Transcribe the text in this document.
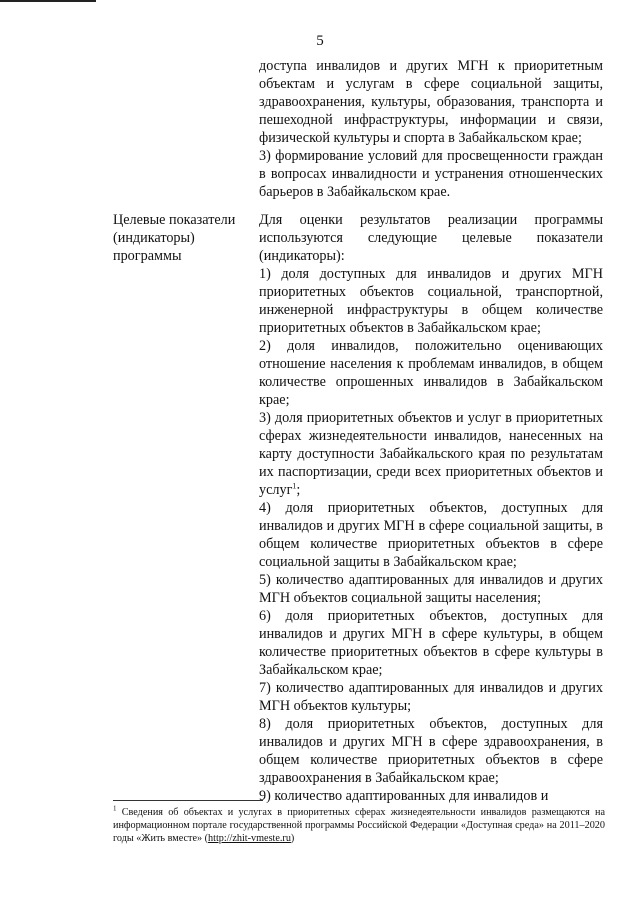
5

доступа инвалидов и других МГН к приоритетным объектам и услугам в сфере социальной защиты, здравоохранения, культуры, образования, транспорта и пешеходной инфраструктуры, информации и связи, физической культуры и спорта в Забайкальском крае;

3) формирование условий для просвещенности граждан в вопросах инвалидности и устранения отношенческих барьеров в Забайкальском крае.

Целевые показатели (индикаторы) программы

Для оценки результатов реализации программы используются следующие целевые показатели (индикаторы):

1) доля доступных для инвалидов и других МГН приоритетных объектов социальной, транспортной, инженерной инфраструктуры в общем количестве приоритетных объектов в Забайкальском крае;

2) доля инвалидов, положительно оценивающих отношение населения к проблемам инвалидов, в общем количестве опрошенных инвалидов в Забайкальском крае;

3) доля приоритетных объектов и услуг в приоритетных сферах жизнедеятельности инвалидов, нанесенных на карту доступности Забайкальского края по результатам их паспортизации, среди всех приоритетных объектов и услуг$^1$;

4) доля приоритетных объектов, доступных для инвалидов и других МГН в сфере социальной защиты, в общем количестве приоритетных объектов в сфере социальной защиты в Забайкальском крае;

5) количество адаптированных для инвалидов и других МГН объектов социальной защиты населения;

6) доля приоритетных объектов, доступных для инвалидов и других МГН в сфере культуры, в общем количестве приоритетных объектов в сфере культуры в Забайкальском крае;

7) количество адаптированных для инвалидов и других МГН объектов культуры;

8) доля приоритетных объектов, доступных для инвалидов и других МГН в сфере здравоохранения, в общем количестве приоритетных объектов в сфере здравоохранения в Забайкальском крае;

9) количество адаптированных для инвалидов и

$^1$ Сведения об объектах и услугах в приоритетных сферах жизнедеятельности инвалидов размещаются на информационном портале государственной программы Российской Федерации «Доступная среда» на 2011–2020 годы «Жить вместе» (http://zhit-vmeste.ru)
